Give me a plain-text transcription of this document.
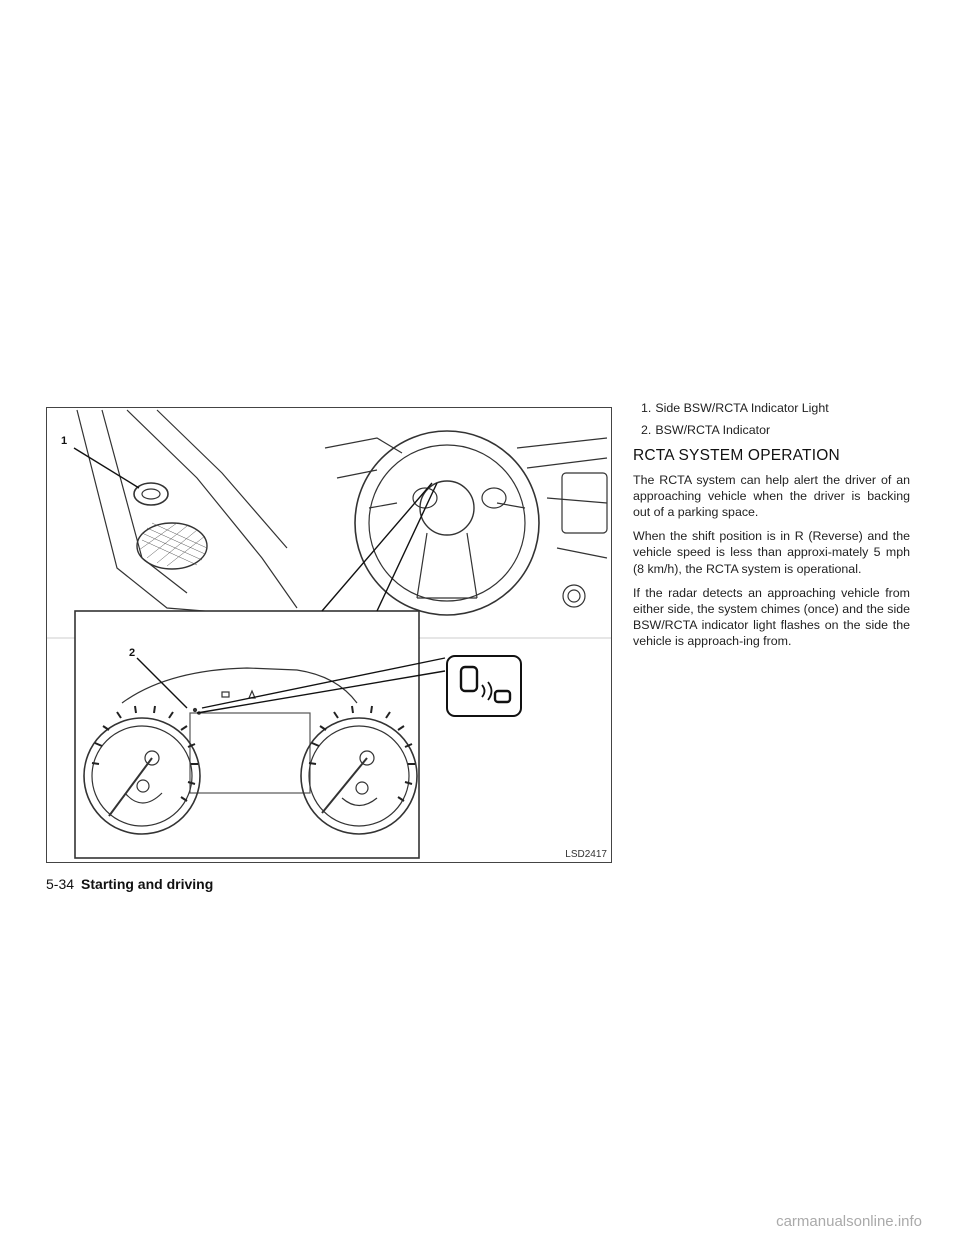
1
2
LSD2417
1. Side BSW/RCTA Indicator Light
2. BSW/RCTA Indicator
RCTA SYSTEM OPERATION

The RCTA system can help alert the driver of an approaching vehicle when the driver is backing out of a parking space.

When the shift position is in R (Reverse) and the vehicle speed is less than approxi-mately 5 mph (8 km/h), the RCTA system is operational.

If the radar detects an approaching vehicle from either side, the system chimes (once) and the side BSW/RCTA indicator light flashes on the side the vehicle is approach-ing from.

5-34 Starting and driving
carmanualsonline.info
